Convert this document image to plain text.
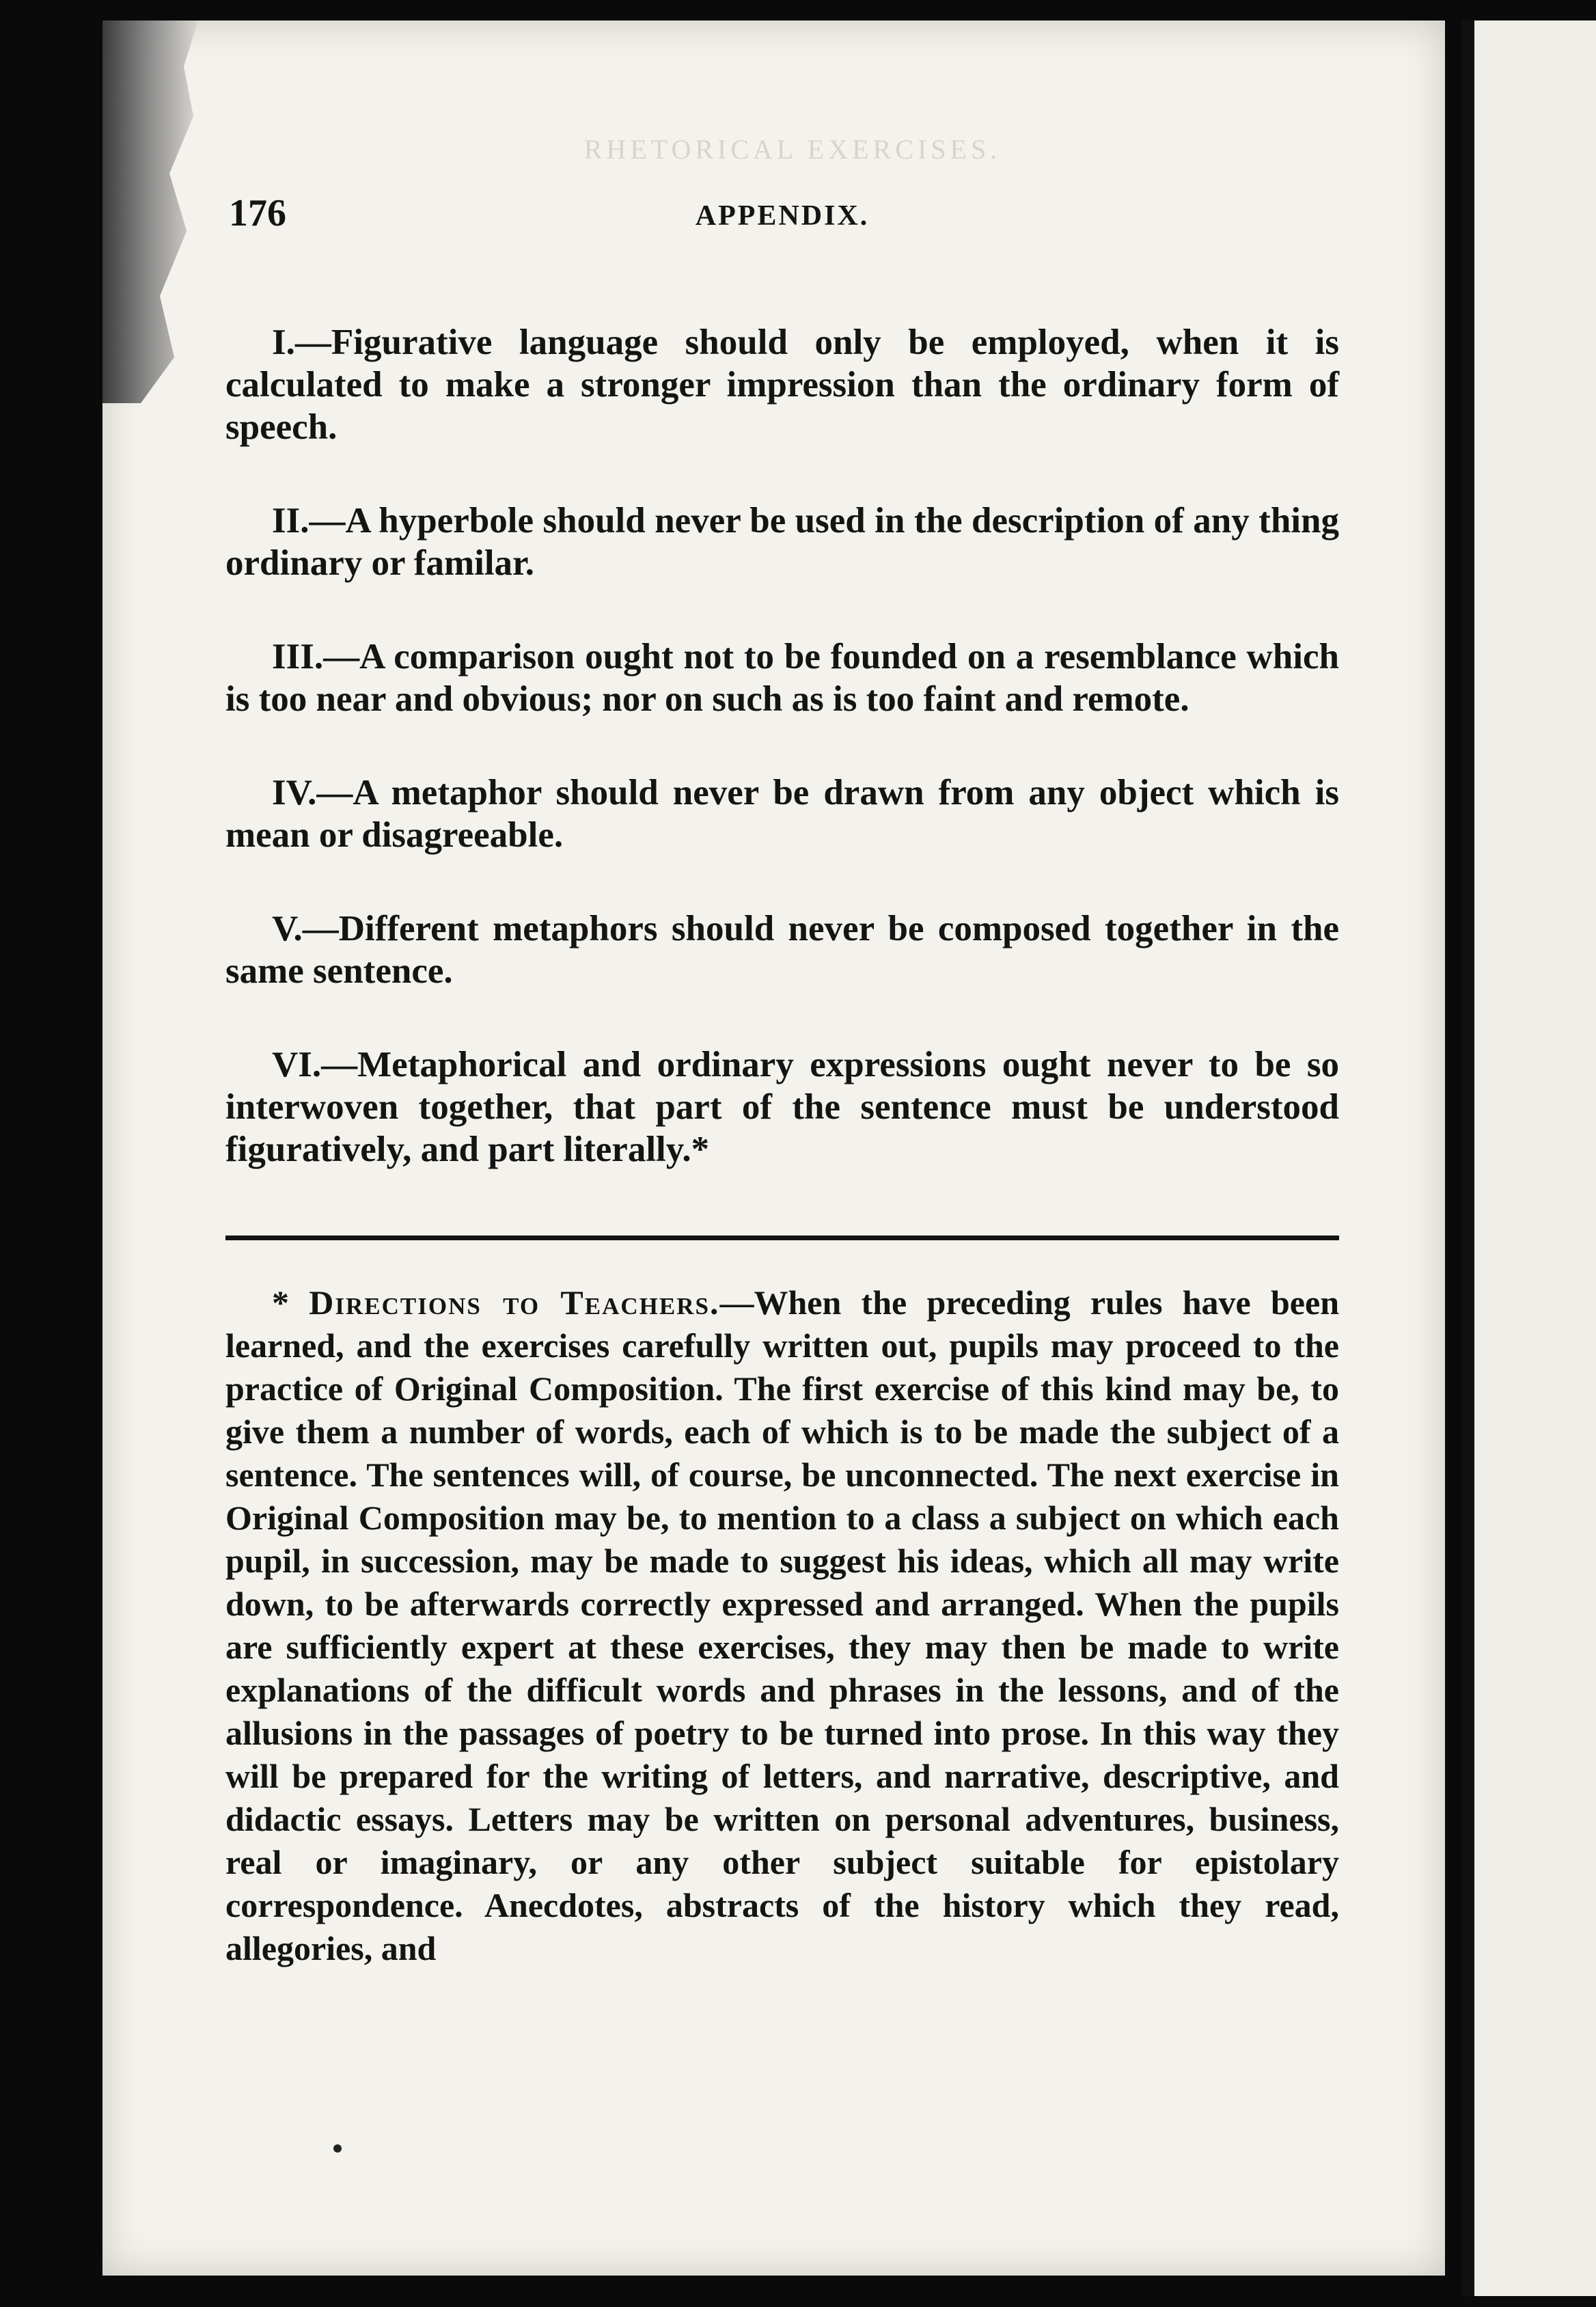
RHETORICAL EXERCISES.
176	APPENDIX.

I.—Figurative language should only be employed, when it is calculated to make a stronger impression than the ordinary form of speech.

II.—A hyperbole should never be used in the description of any thing ordinary or familar.

III.—A comparison ought not to be founded on a resemblance which is too near and obvious; nor on such as is too faint and remote.

IV.—A metaphor should never be drawn from any object which is mean or disagreeable.

V.—Different metaphors should never be composed together in the same sentence.

VI.—Metaphorical and ordinary expressions ought never to be so interwoven together, that part of the sentence must be understood figuratively, and part literally.*

* Directions to Teachers.—When the preceding rules have been learned, and the exercises carefully written out, pupils may proceed to the practice of Original Composition. The first exercise of this kind may be, to give them a number of words, each of which is to be made the subject of a sentence. The sentences will, of course, be unconnected. The next exercise in Original Composition may be, to mention to a class a subject on which each pupil, in succession, may be made to suggest his ideas, which all may write down, to be afterwards correctly expressed and arranged. When the pupils are sufficiently expert at these exercises, they may then be made to write explanations of the difficult words and phrases in the lessons, and of the allusions in the passages of poetry to be turned into prose. In this way they will be prepared for the writing of letters, and narrative, descriptive, and didactic essays. Letters may be written on personal adventures, business, real or imaginary, or any other subject suitable for epistolary correspondence. Anecdotes, abstracts of the history which they read, allegories, and
